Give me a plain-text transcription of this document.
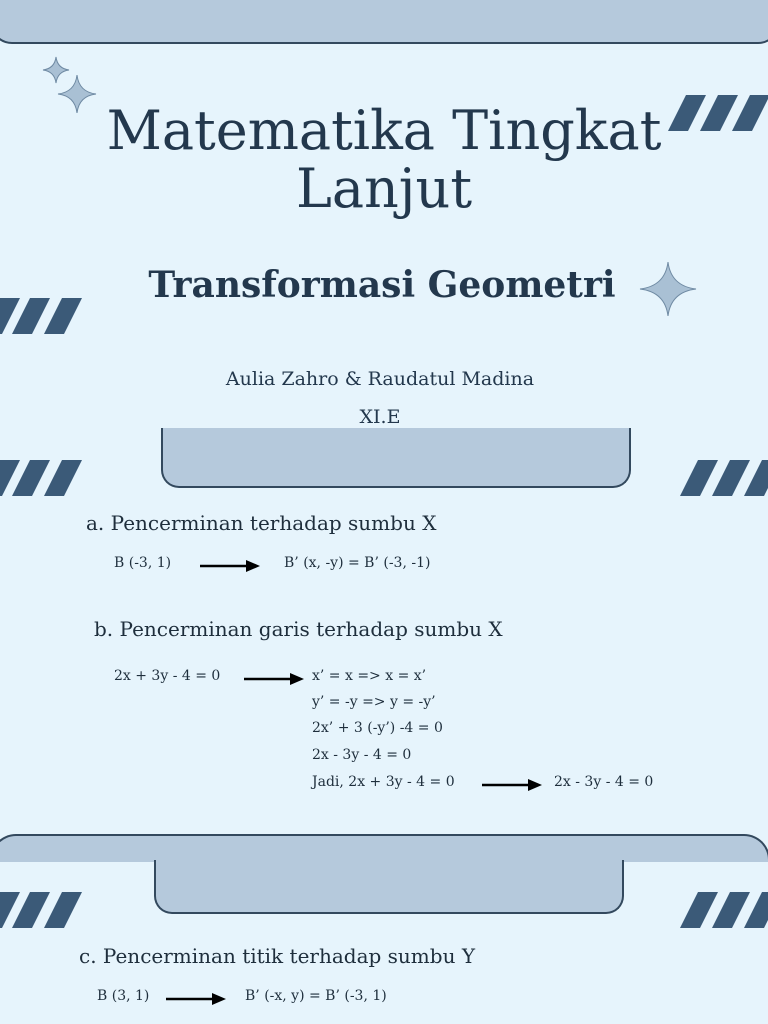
Matematika Tingkat
Lanjut
Transformasi Geometri
Aulia Zahro & Raudatul Madina
XI.E
a. Pencerminan terhadap sumbu X
B (-3, 1)	B’ (x, -y) = B’ (-3, -1)
b. Pencerminan garis terhadap sumbu X
2x + 3y - 4 = 0	x’ = x => x = x’
y’ = -y => y = -y’
2x’ + 3 (-y’) -4 = 0
2x - 3y - 4 = 0
Jadi, 2x + 3y - 4 = 0	2x - 3y - 4 = 0
c. Pencerminan titik terhadap sumbu Y
B (3, 1)	B’ (-x, y) = B’ (-3, 1)
